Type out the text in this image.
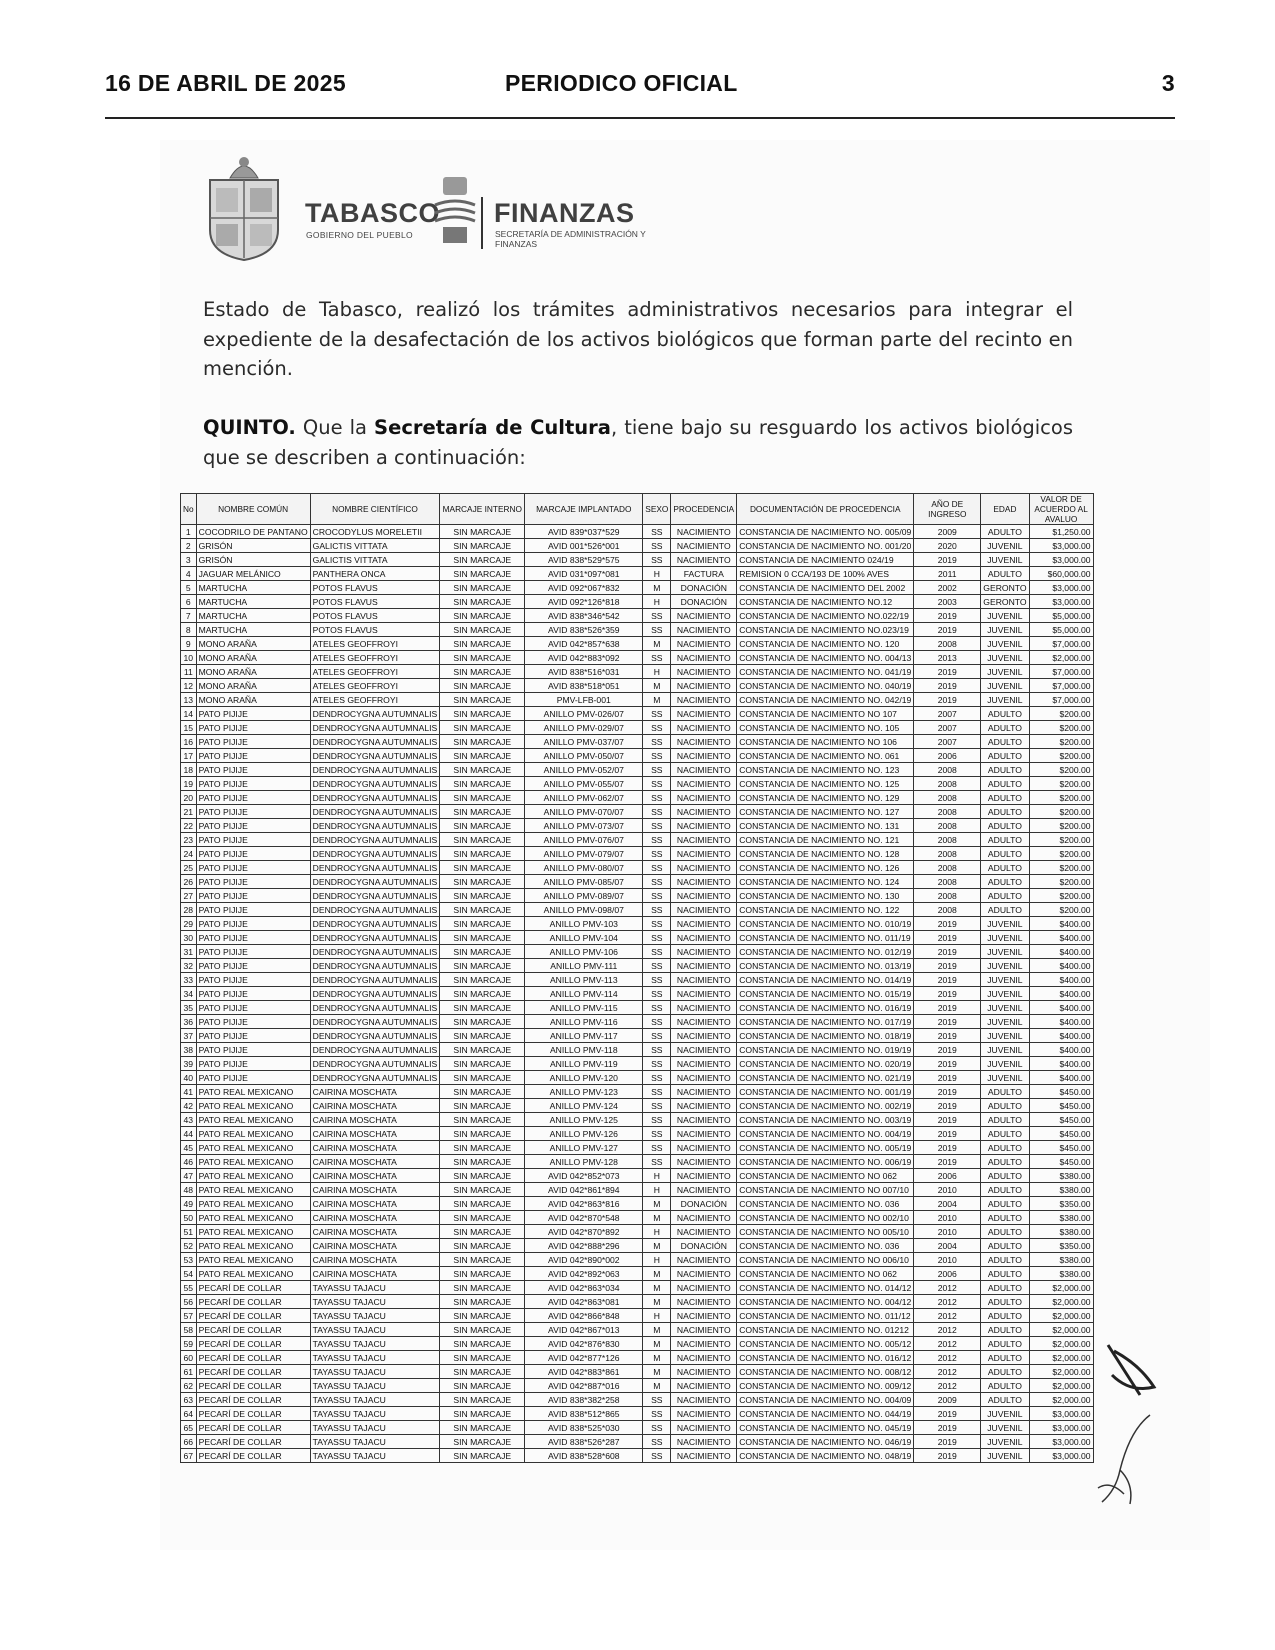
16 DE ABRIL DE 2025	PERIODICO OFICIAL	3
TABASCO
GOBIERNO DEL PUEBLO
FINANZAS
SECRETARÍA DE ADMINISTRACIÓN Y FINANZAS
Estado de Tabasco, realizó los trámites administrativos necesarios para integrar el expediente de la desafectación de los activos biológicos que forman parte del recinto en mención.
QUINTO. Que la Secretaría de Cultura, tiene bajo su resguardo los activos biológicos que se describen a continuación:
No	NOMBRE COMÚN	NOMBRE CIENTÍFICO	MARCAJE INTERNO	MARCAJE IMPLANTADO	SEXO	PROCEDENCIA	DOCUMENTACIÓN DE PROCEDENCIA	AÑO DE INGRESO	EDAD	VALOR DE ACUERDO AL AVALUO
1	COCODRILO DE PANTANO	CROCODYLUS MORELETII	SIN MARCAJE	AVID 839*037*529	SS	NACIMIENTO	CONSTANCIA DE NACIMIENTO NO. 005/09	2009	ADULTO	$1,250.00
2	GRISÓN	GALICTIS VITTATA	SIN MARCAJE	AVID 001*526*001	SS	NACIMIENTO	CONSTANCIA DE NACIMIENTO NO. 001/20	2020	JUVENIL	$3,000.00
3	GRISÓN	GALICTIS VITTATA	SIN MARCAJE	AVID 838*529*575	SS	NACIMIENTO	CONSTANCIA DE NACIMIENTO 024/19	2019	JUVENIL	$3,000.00
4	JAGUAR MELÁNICO	PANTHERA ONCA	SIN MARCAJE	AVID 031*097*081	H	FACTURA	REMISION 0 CCA/193 DE 100% AVES	2011	ADULTO	$60,000.00
5	MARTUCHA	POTOS FLAVUS	SIN MARCAJE	AVID 092*067*832	M	DONACIÓN	CONSTANCIA DE NACIMIENTO DEL 2002	2002	GERONTO	$3,000.00
6	MARTUCHA	POTOS FLAVUS	SIN MARCAJE	AVID 092*126*818	H	DONACIÓN	CONSTANCIA DE NACIMIENTO NO.12	2003	GERONTO	$3,000.00
7	MARTUCHA	POTOS FLAVUS	SIN MARCAJE	AVID 838*346*542	SS	NACIMIENTO	CONSTANCIA DE NACIMIENTO NO.022/19	2019	JUVENIL	$5,000.00
8	MARTUCHA	POTOS FLAVUS	SIN MARCAJE	AVID 838*526*359	SS	NACIMIENTO	CONSTANCIA DE NACIMIENTO NO.023/19	2019	JUVENIL	$5,000.00
9	MONO ARAÑA	ATELES GEOFFROYI	SIN MARCAJE	AVID 042*857*638	M	NACIMIENTO	CONSTANCIA DE NACIMIENTO NO. 120	2008	JUVENIL	$7,000.00
10	MONO ARAÑA	ATELES GEOFFROYI	SIN MARCAJE	AVID 042*883*092	SS	NACIMIENTO	CONSTANCIA DE NACIMIENTO NO. 004/13	2013	JUVENIL	$2,000.00
11	MONO ARAÑA	ATELES GEOFFROYI	SIN MARCAJE	AVID 838*516*031	H	NACIMIENTO	CONSTANCIA DE NACIMIENTO NO. 041/19	2019	JUVENIL	$7,000.00
12	MONO ARAÑA	ATELES GEOFFROYI	SIN MARCAJE	AVID 838*518*051	M	NACIMIENTO	CONSTANCIA DE NACIMIENTO NO. 040/19	2019	JUVENIL	$7,000.00
13	MONO ARAÑA	ATELES GEOFFROYI	SIN MARCAJE	PMV-LFB-001	M	NACIMIENTO	CONSTANCIA DE NACIMIENTO NO. 042/19	2019	JUVENIL	$7,000.00
14	PATO PIJIJE	DENDROCYGNA AUTUMNALIS	SIN MARCAJE	ANILLO PMV-026/07	SS	NACIMIENTO	CONSTANCIA DE NACIMIENTO NO 107	2007	ADULTO	$200.00
15	PATO PIJIJE	DENDROCYGNA AUTUMNALIS	SIN MARCAJE	ANILLO PMV-029/07	SS	NACIMIENTO	CONSTANCIA DE NACIMIENTO NO. 105	2007	ADULTO	$200.00
16	PATO PIJIJE	DENDROCYGNA AUTUMNALIS	SIN MARCAJE	ANILLO PMV-037/07	SS	NACIMIENTO	CONSTANCIA DE NACIMIENTO NO 106	2007	ADULTO	$200.00
17	PATO PIJIJE	DENDROCYGNA AUTUMNALIS	SIN MARCAJE	ANILLO PMV-050/07	SS	NACIMIENTO	CONSTANCIA DE NACIMIENTO NO. 061	2006	ADULTO	$200.00
18	PATO PIJIJE	DENDROCYGNA AUTUMNALIS	SIN MARCAJE	ANILLO PMV-052/07	SS	NACIMIENTO	CONSTANCIA DE NACIMIENTO NO. 123	2008	ADULTO	$200.00
19	PATO PIJIJE	DENDROCYGNA AUTUMNALIS	SIN MARCAJE	ANILLO PMV-055/07	SS	NACIMIENTO	CONSTANCIA DE NACIMIENTO NO. 125	2008	ADULTO	$200.00
20	PATO PIJIJE	DENDROCYGNA AUTUMNALIS	SIN MARCAJE	ANILLO PMV-062/07	SS	NACIMIENTO	CONSTANCIA DE NACIMIENTO NO. 129	2008	ADULTO	$200.00
21	PATO PIJIJE	DENDROCYGNA AUTUMNALIS	SIN MARCAJE	ANILLO PMV-070/07	SS	NACIMIENTO	CONSTANCIA DE NACIMIENTO NO. 127	2008	ADULTO	$200.00
22	PATO PIJIJE	DENDROCYGNA AUTUMNALIS	SIN MARCAJE	ANILLO PMV-073/07	SS	NACIMIENTO	CONSTANCIA DE NACIMIENTO NO. 131	2008	ADULTO	$200.00
23	PATO PIJIJE	DENDROCYGNA AUTUMNALIS	SIN MARCAJE	ANILLO PMV-076/07	SS	NACIMIENTO	CONSTANCIA DE NACIMIENTO NO. 121	2008	ADULTO	$200.00
24	PATO PIJIJE	DENDROCYGNA AUTUMNALIS	SIN MARCAJE	ANILLO PMV-079/07	SS	NACIMIENTO	CONSTANCIA DE NACIMIENTO NO. 128	2008	ADULTO	$200.00
25	PATO PIJIJE	DENDROCYGNA AUTUMNALIS	SIN MARCAJE	ANILLO PMV-080/07	SS	NACIMIENTO	CONSTANCIA DE NACIMIENTO NO. 126	2008	ADULTO	$200.00
26	PATO PIJIJE	DENDROCYGNA AUTUMNALIS	SIN MARCAJE	ANILLO PMV-085/07	SS	NACIMIENTO	CONSTANCIA DE NACIMIENTO NO. 124	2008	ADULTO	$200.00
27	PATO PIJIJE	DENDROCYGNA AUTUMNALIS	SIN MARCAJE	ANILLO PMV-089/07	SS	NACIMIENTO	CONSTANCIA DE NACIMIENTO NO. 130	2008	ADULTO	$200.00
28	PATO PIJIJE	DENDROCYGNA AUTUMNALIS	SIN MARCAJE	ANILLO PMV-098/07	SS	NACIMIENTO	CONSTANCIA DE NACIMIENTO NO. 122	2008	ADULTO	$200.00
29	PATO PIJIJE	DENDROCYGNA AUTUMNALIS	SIN MARCAJE	ANILLO PMV-103	SS	NACIMIENTO	CONSTANCIA DE NACIMIENTO NO. 010/19	2019	JUVENIL	$400.00
30	PATO PIJIJE	DENDROCYGNA AUTUMNALIS	SIN MARCAJE	ANILLO PMV-104	SS	NACIMIENTO	CONSTANCIA DE NACIMIENTO NO. 011/19	2019	JUVENIL	$400.00
31	PATO PIJIJE	DENDROCYGNA AUTUMNALIS	SIN MARCAJE	ANILLO PMV-106	SS	NACIMIENTO	CONSTANCIA DE NACIMIENTO NO. 012/19	2019	JUVENIL	$400.00
32	PATO PIJIJE	DENDROCYGNA AUTUMNALIS	SIN MARCAJE	ANILLO PMV-111	SS	NACIMIENTO	CONSTANCIA DE NACIMIENTO NO. 013/19	2019	JUVENIL	$400.00
33	PATO PIJIJE	DENDROCYGNA AUTUMNALIS	SIN MARCAJE	ANILLO PMV-113	SS	NACIMIENTO	CONSTANCIA DE NACIMIENTO NO. 014/19	2019	JUVENIL	$400.00
34	PATO PIJIJE	DENDROCYGNA AUTUMNALIS	SIN MARCAJE	ANILLO PMV-114	SS	NACIMIENTO	CONSTANCIA DE NACIMIENTO NO. 015/19	2019	JUVENIL	$400.00
35	PATO PIJIJE	DENDROCYGNA AUTUMNALIS	SIN MARCAJE	ANILLO PMV-115	SS	NACIMIENTO	CONSTANCIA DE NACIMIENTO NO. 016/19	2019	JUVENIL	$400.00
36	PATO PIJIJE	DENDROCYGNA AUTUMNALIS	SIN MARCAJE	ANILLO PMV-116	SS	NACIMIENTO	CONSTANCIA DE NACIMIENTO NO. 017/19	2019	JUVENIL	$400.00
37	PATO PIJIJE	DENDROCYGNA AUTUMNALIS	SIN MARCAJE	ANILLO PMV-117	SS	NACIMIENTO	CONSTANCIA DE NACIMIENTO NO. 018/19	2019	JUVENIL	$400.00
38	PATO PIJIJE	DENDROCYGNA AUTUMNALIS	SIN MARCAJE	ANILLO PMV-118	SS	NACIMIENTO	CONSTANCIA DE NACIMIENTO NO. 019/19	2019	JUVENIL	$400.00
39	PATO PIJIJE	DENDROCYGNA AUTUMNALIS	SIN MARCAJE	ANILLO PMV-119	SS	NACIMIENTO	CONSTANCIA DE NACIMIENTO NO. 020/19	2019	JUVENIL	$400.00
40	PATO PIJIJE	DENDROCYGNA AUTUMNALIS	SIN MARCAJE	ANILLO PMV-120	SS	NACIMIENTO	CONSTANCIA DE NACIMIENTO NO. 021/19	2019	JUVENIL	$400.00
41	PATO REAL MEXICANO	CAIRINA MOSCHATA	SIN MARCAJE	ANILLO PMV-123	SS	NACIMIENTO	CONSTANCIA DE NACIMIENTO NO. 001/19	2019	ADULTO	$450.00
42	PATO REAL MEXICANO	CAIRINA MOSCHATA	SIN MARCAJE	ANILLO PMV-124	SS	NACIMIENTO	CONSTANCIA DE NACIMIENTO NO. 002/19	2019	ADULTO	$450.00
43	PATO REAL MEXICANO	CAIRINA MOSCHATA	SIN MARCAJE	ANILLO PMV-125	SS	NACIMIENTO	CONSTANCIA DE NACIMIENTO NO. 003/19	2019	ADULTO	$450.00
44	PATO REAL MEXICANO	CAIRINA MOSCHATA	SIN MARCAJE	ANILLO PMV-126	SS	NACIMIENTO	CONSTANCIA DE NACIMIENTO NO. 004/19	2019	ADULTO	$450.00
45	PATO REAL MEXICANO	CAIRINA MOSCHATA	SIN MARCAJE	ANILLO PMV-127	SS	NACIMIENTO	CONSTANCIA DE NACIMIENTO NO. 005/19	2019	ADULTO	$450.00
46	PATO REAL MEXICANO	CAIRINA MOSCHATA	SIN MARCAJE	ANILLO PMV-128	SS	NACIMIENTO	CONSTANCIA DE NACIMIENTO NO. 006/19	2019	ADULTO	$450.00
47	PATO REAL MEXICANO	CAIRINA MOSCHATA	SIN MARCAJE	AVID 042*852*073	H	NACIMIENTO	CONSTANCIA DE NACIMIENTO NO 062	2006	ADULTO	$380.00
48	PATO REAL MEXICANO	CAIRINA MOSCHATA	SIN MARCAJE	AVID 042*861*894	H	NACIMIENTO	CONSTANCIA DE NACIMIENTO NO 007/10	2010	ADULTO	$380.00
49	PATO REAL MEXICANO	CAIRINA MOSCHATA	SIN MARCAJE	AVID 042*863*816	M	DONACIÓN	CONSTANCIA DE NACIMIENTO NO. 036	2004	ADULTO	$350.00
50	PATO REAL MEXICANO	CAIRINA MOSCHATA	SIN MARCAJE	AVID 042*870*548	M	NACIMIENTO	CONSTANCIA DE NACIMIENTO NO 002/10	2010	ADULTO	$380.00
51	PATO REAL MEXICANO	CAIRINA MOSCHATA	SIN MARCAJE	AVID 042*870*892	H	NACIMIENTO	CONSTANCIA DE NACIMIENTO NO 005/10	2010	ADULTO	$380.00
52	PATO REAL MEXICANO	CAIRINA MOSCHATA	SIN MARCAJE	AVID 042*888*296	M	DONACIÓN	CONSTANCIA DE NACIMIENTO NO. 036	2004	ADULTO	$350.00
53	PATO REAL MEXICANO	CAIRINA MOSCHATA	SIN MARCAJE	AVID 042*890*002	H	NACIMIENTO	CONSTANCIA DE NACIMIENTO NO 006/10	2010	ADULTO	$380.00
54	PATO REAL MEXICANO	CAIRINA MOSCHATA	SIN MARCAJE	AVID 042*892*063	M	NACIMIENTO	CONSTANCIA DE NACIMIENTO NO 062	2006	ADULTO	$380.00
55	PECARÍ DE COLLAR	TAYASSU TAJACU	SIN MARCAJE	AVID 042*863*034	M	NACIMIENTO	CONSTANCIA DE NACIMIENTO NO. 014/12	2012	ADULTO	$2,000.00
56	PECARÍ DE COLLAR	TAYASSU TAJACU	SIN MARCAJE	AVID 042*863*081	M	NACIMIENTO	CONSTANCIA DE NACIMIENTO NO. 004/12	2012	ADULTO	$2,000.00
57	PECARÍ DE COLLAR	TAYASSU TAJACU	SIN MARCAJE	AVID 042*866*848	H	NACIMIENTO	CONSTANCIA DE NACIMIENTO NO. 011/12	2012	ADULTO	$2,000.00
58	PECARÍ DE COLLAR	TAYASSU TAJACU	SIN MARCAJE	AVID 042*867*013	M	NACIMIENTO	CONSTANCIA DE NACIMIENTO NO. 01212	2012	ADULTO	$2,000.00
59	PECARÍ DE COLLAR	TAYASSU TAJACU	SIN MARCAJE	AVID 042*876*830	M	NACIMIENTO	CONSTANCIA DE NACIMIENTO NO. 005/12	2012	ADULTO	$2,000.00
60	PECARÍ DE COLLAR	TAYASSU TAJACU	SIN MARCAJE	AVID 042*877*126	M	NACIMIENTO	CONSTANCIA DE NACIMIENTO NO. 016/12	2012	ADULTO	$2,000.00
61	PECARÍ DE COLLAR	TAYASSU TAJACU	SIN MARCAJE	AVID 042*883*861	M	NACIMIENTO	CONSTANCIA DE NACIMIENTO NO. 008/12	2012	ADULTO	$2,000.00
62	PECARÍ DE COLLAR	TAYASSU TAJACU	SIN MARCAJE	AVID 042*887*016	M	NACIMIENTO	CONSTANCIA DE NACIMIENTO NO. 009/12	2012	ADULTO	$2,000.00
63	PECARÍ DE COLLAR	TAYASSU TAJACU	SIN MARCAJE	AVID 838*382*258	SS	NACIMIENTO	CONSTANCIA DE NACIMIENTO NO. 004/09	2009	ADULTO	$2,000.00
64	PECARÍ DE COLLAR	TAYASSU TAJACU	SIN MARCAJE	AVID 838*512*865	SS	NACIMIENTO	CONSTANCIA DE NACIMIENTO NO. 044/19	2019	JUVENIL	$3,000.00
65	PECARÍ DE COLLAR	TAYASSU TAJACU	SIN MARCAJE	AVID 838*525*030	SS	NACIMIENTO	CONSTANCIA DE NACIMIENTO NO. 045/19	2019	JUVENIL	$3,000.00
66	PECARÍ DE COLLAR	TAYASSU TAJACU	SIN MARCAJE	AVID 838*526*287	SS	NACIMIENTO	CONSTANCIA DE NACIMIENTO NO. 046/19	2019	JUVENIL	$3,000.00
67	PECARÍ DE COLLAR	TAYASSU TAJACU	SIN MARCAJE	AVID 838*528*608	SS	NACIMIENTO	CONSTANCIA DE NACIMIENTO NO. 048/19	2019	JUVENIL	$3,000.00
